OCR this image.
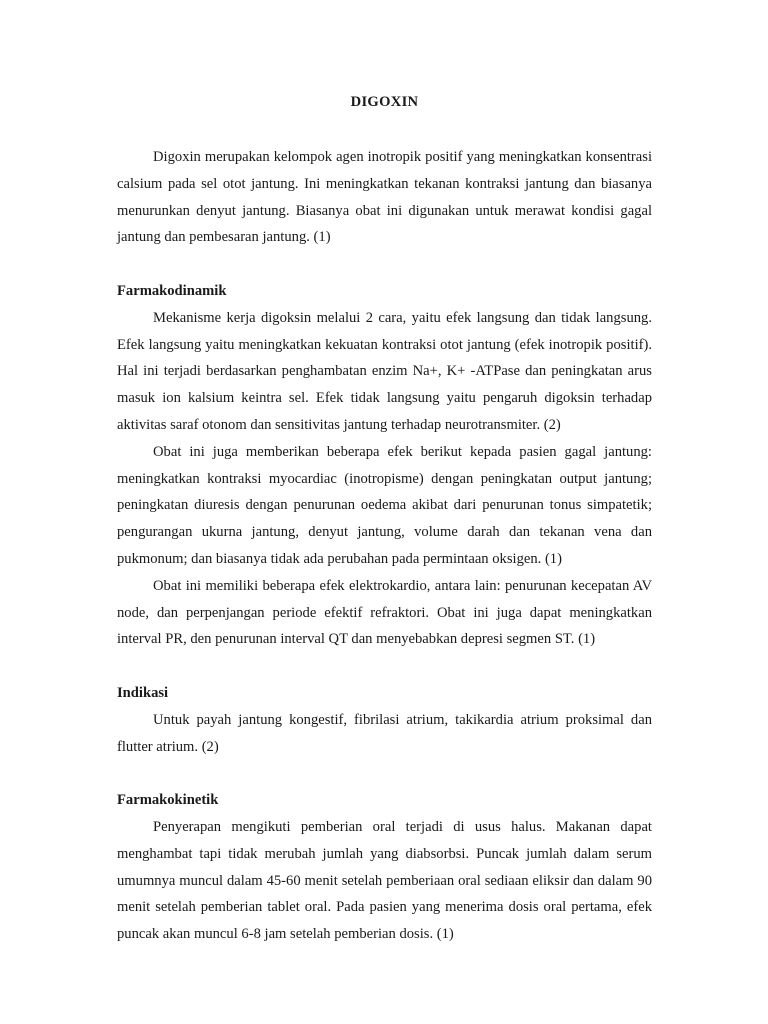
DIGOXIN

Digoxin merupakan kelompok agen inotropik positif yang meningkatkan konsentrasi calsium pada sel otot jantung. Ini meningkatkan tekanan kontraksi jantung dan biasanya menurunkan denyut jantung. Biasanya obat ini digunakan untuk merawat kondisi gagal jantung dan pembesaran jantung. (1)

Farmakodinamik

Mekanisme kerja digoksin melalui 2 cara, yaitu efek langsung dan tidak langsung. Efek langsung yaitu meningkatkan kekuatan kontraksi otot jantung (efek inotropik positif). Hal ini terjadi berdasarkan penghambatan enzim Na+, K+ -ATPase dan peningkatan arus masuk ion kalsium keintra sel. Efek tidak langsung yaitu pengaruh digoksin terhadap aktivitas saraf otonom dan sensitivitas jantung terhadap neurotransmiter. (2)

Obat ini juga memberikan beberapa efek berikut kepada pasien gagal jantung: meningkatkan kontraksi myocardiac (inotropisme) dengan peningkatan output jantung; peningkatan diuresis dengan penurunan oedema akibat dari penurunan tonus simpatetik; pengurangan ukurna jantung, denyut jantung, volume darah dan tekanan vena dan pukmonum; dan biasanya tidak ada perubahan pada permintaan oksigen. (1)

Obat ini memiliki beberapa efek elektrokardio, antara lain: penurunan kecepatan AV node, dan perpenjangan periode efektif refraktori. Obat ini juga dapat meningkatkan interval PR, den penurunan interval QT dan menyebabkan depresi segmen ST. (1)

Indikasi

Untuk payah jantung kongestif, fibrilasi atrium, takikardia atrium proksimal dan flutter atrium. (2)

Farmakokinetik

Penyerapan mengikuti pemberian oral terjadi di usus halus. Makanan dapat menghambat tapi tidak merubah jumlah yang diabsorbsi. Puncak jumlah dalam serum umumnya muncul dalam 45-60 menit setelah pemberiaan oral sediaan eliksir dan dalam 90 menit setelah pemberian tablet oral. Pada pasien yang menerima dosis oral pertama, efek puncak akan muncul 6-8 jam setelah pemberian dosis. (1)
